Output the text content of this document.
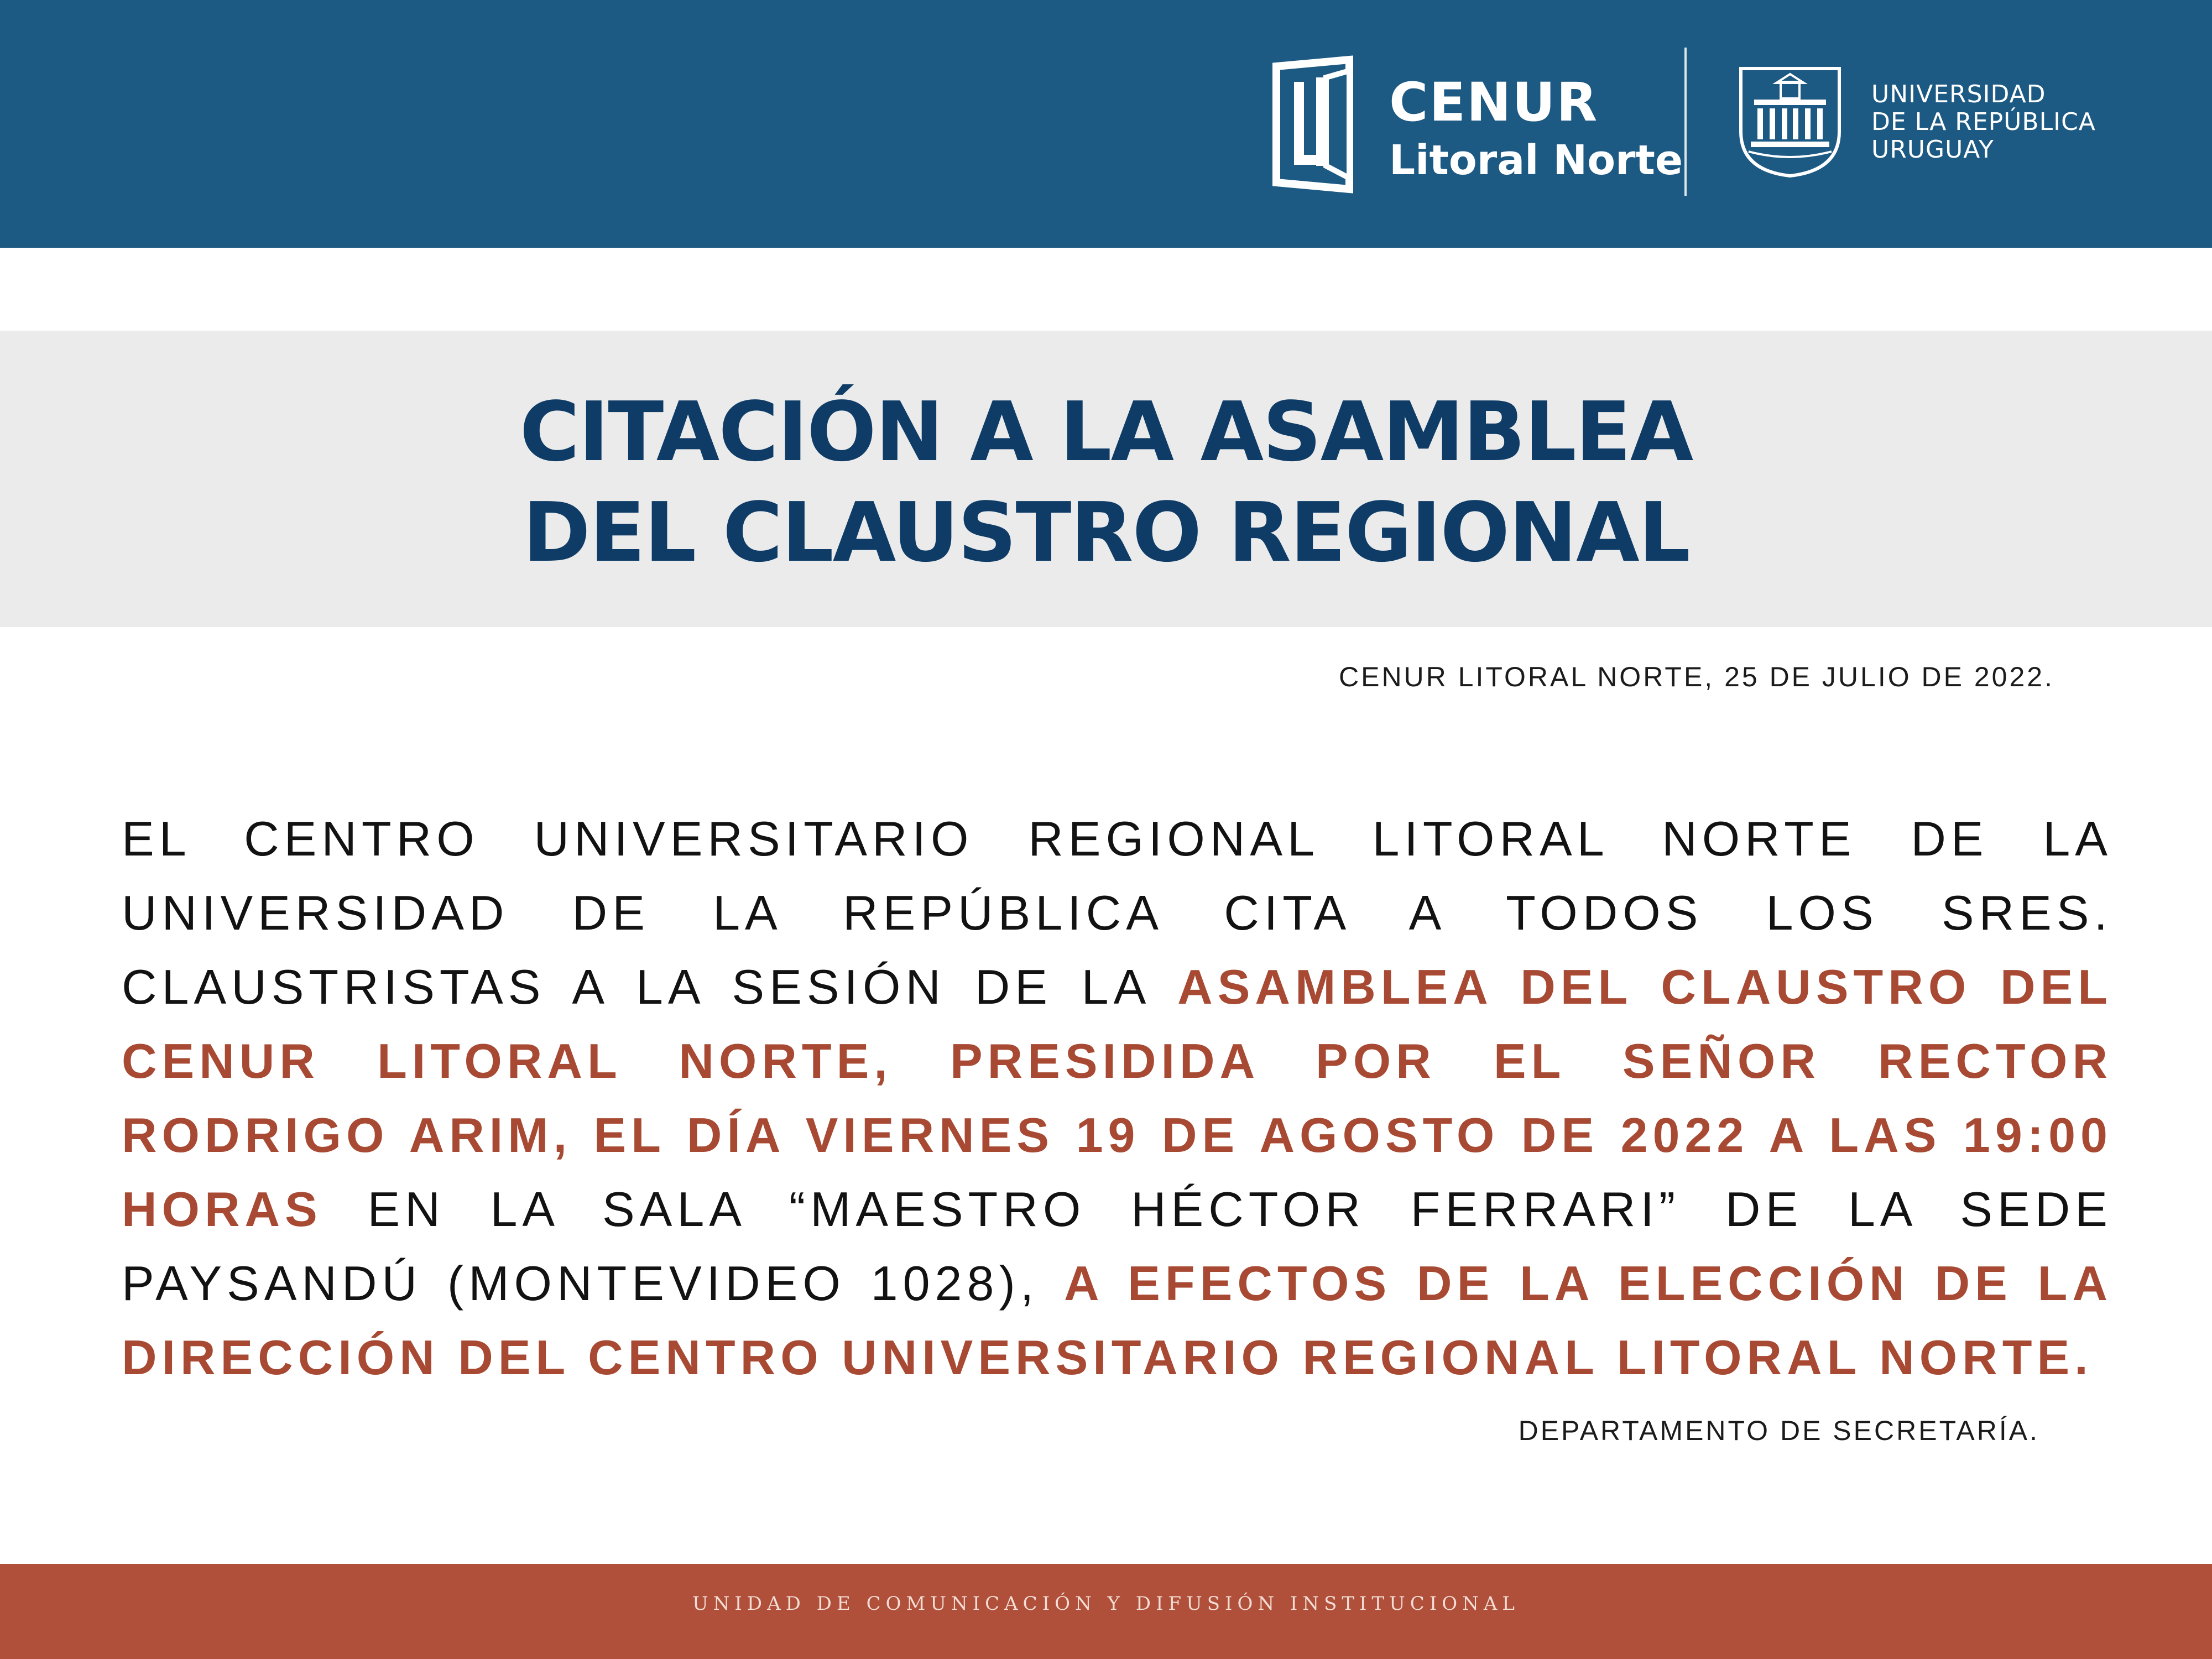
CENUR
Litoral Norte
UNIVERSIDAD
DE LA REPÚBLICA
URUGUAY
CITACIÓN A LA ASAMBLEA
DEL CLAUSTRO REGIONAL
CENUR LITORAL NORTE, 25 DE JULIO DE 2022.
EL CENTRO UNIVERSITARIO REGIONAL LITORAL NORTE DE LA UNIVERSIDAD DE LA REPÚBLICA CITA A TODOS LOS SRES. CLAUSTRISTAS A LA SESIÓN DE LA ASAMBLEA DEL CLAUSTRO DEL CENUR LITORAL NORTE, PRESIDIDA POR EL SEÑOR RECTOR RODRIGO ARIM, EL DÍA VIERNES 19 DE AGOSTO DE 2022 A LAS 19:00 HORAS EN LA SALA “MAESTRO HÉCTOR FERRARI” DE LA SEDE PAYSANDÚ (MONTEVIDEO 1028), A EFECTOS DE LA ELECCIÓN DE LA DIRECCIÓN DEL CENTRO UNIVERSITARIO REGIONAL LITORAL NORTE.
DEPARTAMENTO DE SECRETARÍA.
UNIDAD DE COMUNICACIÓN Y DIFUSIÓN INSTITUCIONAL
